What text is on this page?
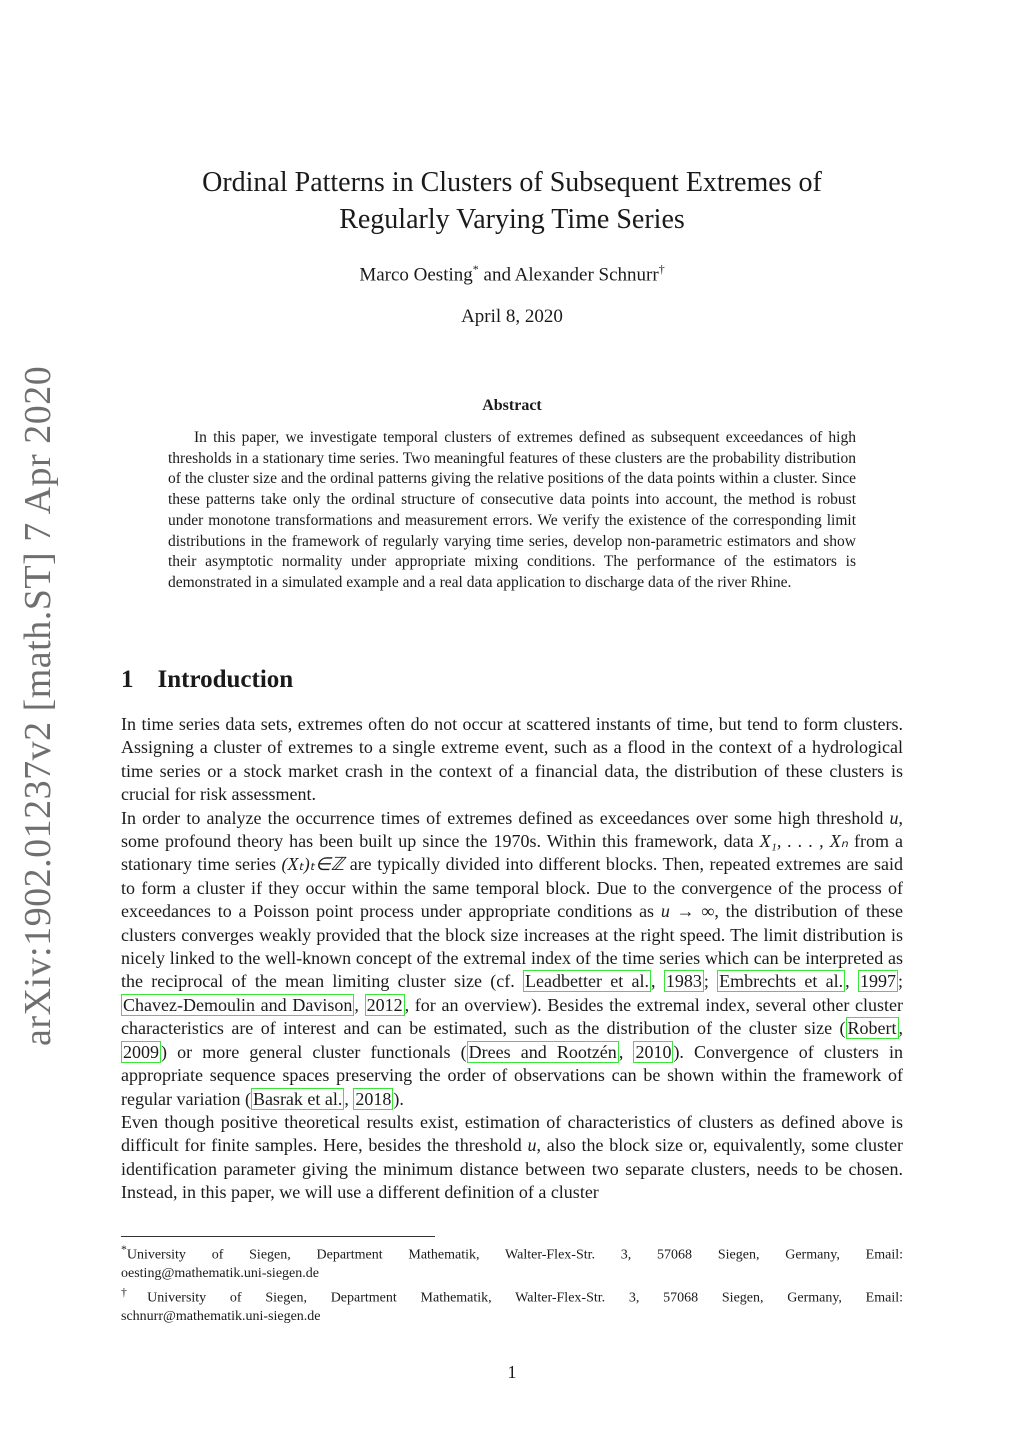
arXiv:1902.01237v2 [math.ST] 7 Apr 2020
Ordinal Patterns in Clusters of Subsequent Extremes of
Regularly Varying Time Series
Marco Oesting* and Alexander Schnurr†
April 8, 2020
Abstract
In this paper, we investigate temporal clusters of extremes defined as subsequent exceedances of high thresholds in a stationary time series. Two meaningful features of these clusters are the probability distribution of the cluster size and the ordinal patterns giving the relative positions of the data points within a cluster. Since these patterns take only the ordinal structure of consecutive data points into account, the method is robust under monotone transformations and measurement errors. We verify the existence of the corresponding limit distributions in the framework of regularly varying time series, develop non-parametric estimators and show their asymptotic normality under appropriate mixing conditions. The performance of the estimators is demonstrated in a simulated example and a real data application to discharge data of the river Rhine.
1 Introduction

In time series data sets, extremes often do not occur at scattered instants of time, but tend to form clusters. Assigning a cluster of extremes to a single extreme event, such as a flood in the context of a hydrological time series or a stock market crash in the context of a financial data, the distribution of these clusters is crucial for risk assessment.

In order to analyze the occurrence times of extremes defined as exceedances over some high threshold u, some profound theory has been built up since the 1970s. Within this framework, data X₁, . . . , Xₙ from a stationary time series (Xₜ)ₜ∈ℤ are typically divided into different blocks. Then, repeated extremes are said to form a cluster if they occur within the same temporal block. Due to the convergence of the process of exceedances to a Poisson point process under appropriate conditions as u → ∞, the distribution of these clusters converges weakly provided that the block size increases at the right speed. The limit distribution is nicely linked to the well-known concept of the extremal index of the time series which can be interpreted as the reciprocal of the mean limiting cluster size (cf. Leadbetter et al. , 1983 ; Embrechts et al. , 1997 ; Chavez-Demoulin and Davison , 2012 , for an overview). Besides the extremal index, several other cluster characteristics are of interest and can be estimated, such as the distribution of the cluster size ( Robert , 2009 ) or more general cluster functionals ( Drees and Rootzén , 2010 ). Convergence of clusters in appropriate sequence spaces preserving the order of observations can be shown within the framework of regular variation ( Basrak et al. , 2018 ).

Even though positive theoretical results exist, estimation of characteristics of clusters as defined above is difficult for finite samples. Here, besides the threshold u, also the block size or, equivalently, some cluster identification parameter giving the minimum distance between two separate clusters, needs to be chosen. Instead, in this paper, we will use a different definition of a cluster

*University of Siegen, Department Mathematik, Walter-Flex-Str. 3, 57068 Siegen, Germany, Email:

oesting@mathematik.uni-siegen.de

†University of Siegen, Department Mathematik, Walter-Flex-Str. 3, 57068 Siegen, Germany, Email:

schnurr@mathematik.uni-siegen.de

1
